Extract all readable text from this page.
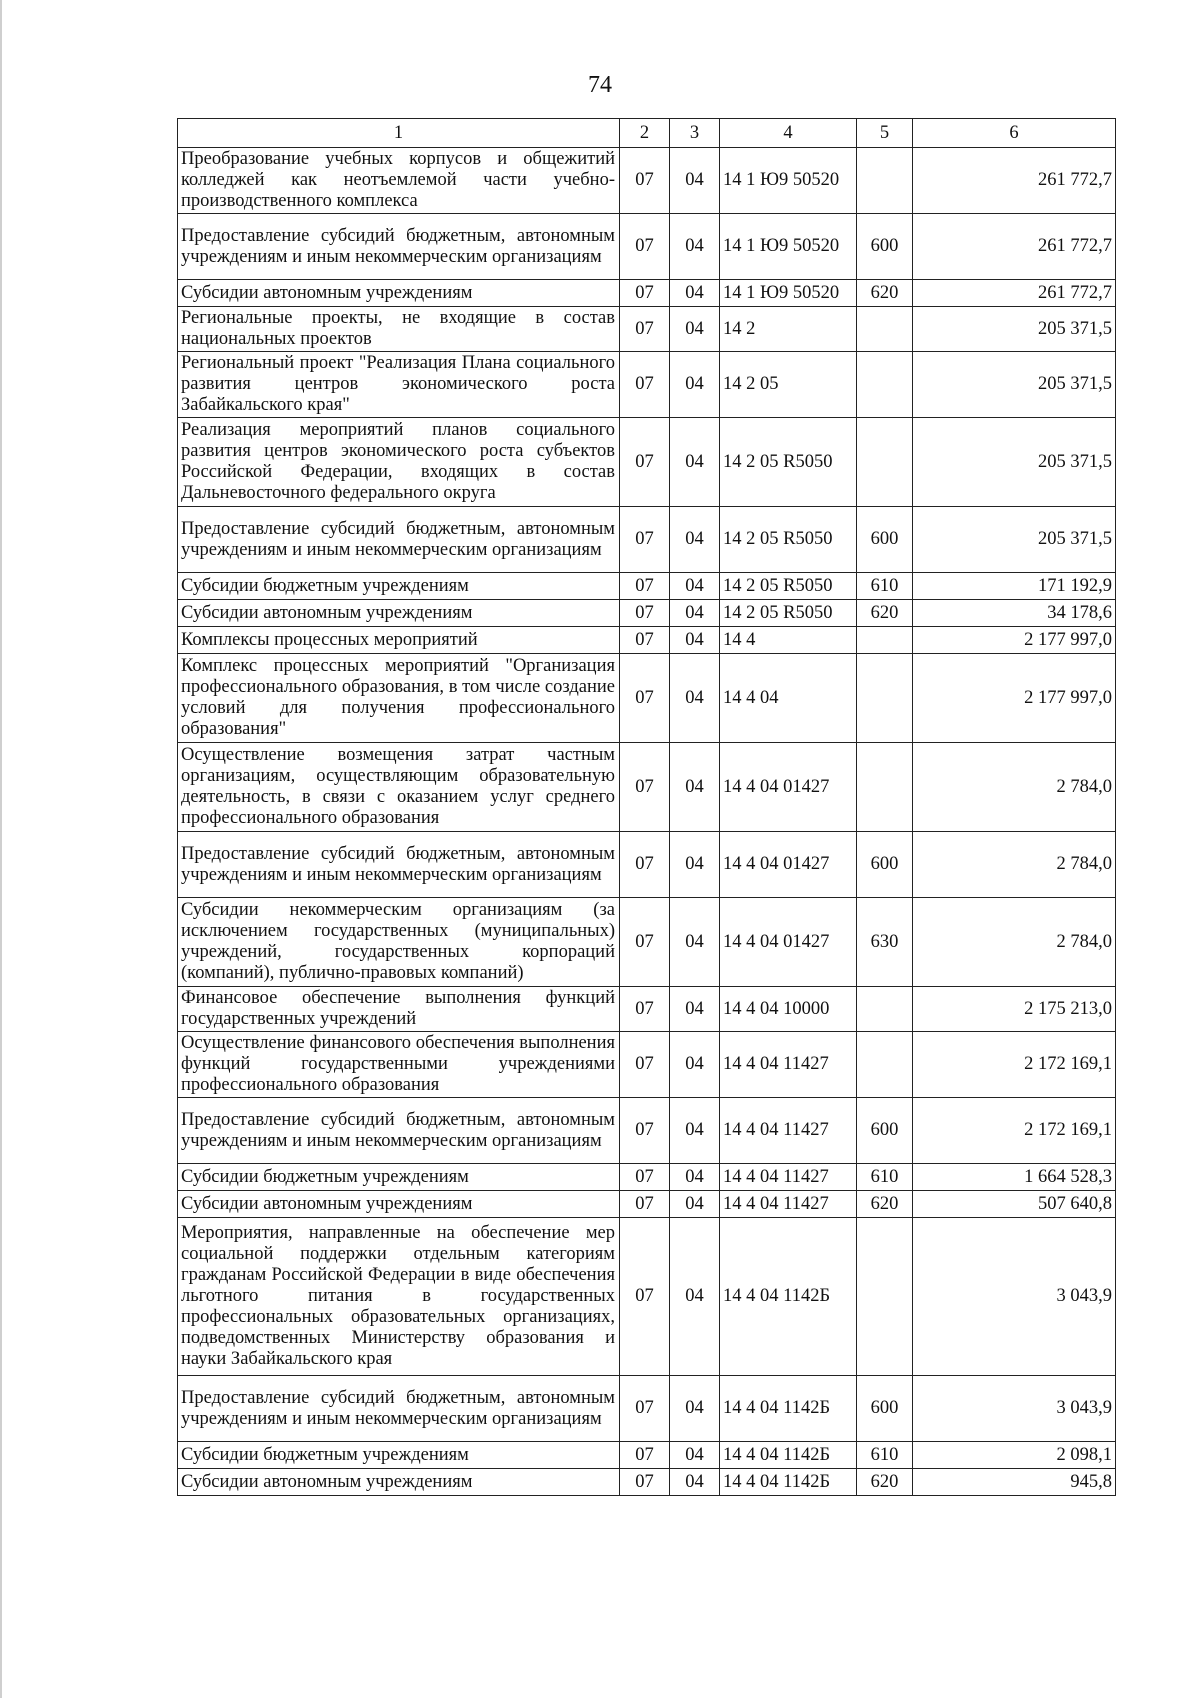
74
1	2	3	4	5	6
Преобразование учебных корпусов и общежитий колледжей как неотъемлемой части учебно-производственного комплекса	07	04	14 1 Ю9 50520		261 772,7
Предоставление субсидий бюджетным, автономным учреждениям и иным некоммерческим организациям	07	04	14 1 Ю9 50520	600	261 772,7
Субсидии автономным учреждениям	07	04	14 1 Ю9 50520	620	261 772,7
Региональные проекты, не входящие в состав национальных проектов	07	04	14 2		205 371,5
Региональный проект "Реализация Плана социального развития центров экономического роста Забайкальского края"	07	04	14 2 05		205 371,5
Реализация мероприятий планов социального развития центров экономического роста субъектов Российской Федерации, входящих в состав Дальневосточного федерального округа	07	04	14 2 05 R5050		205 371,5
Предоставление субсидий бюджетным, автономным учреждениям и иным некоммерческим организациям	07	04	14 2 05 R5050	600	205 371,5
Субсидии бюджетным учреждениям	07	04	14 2 05 R5050	610	171 192,9
Субсидии автономным учреждениям	07	04	14 2 05 R5050	620	34 178,6
Комплексы процессных мероприятий	07	04	14 4		2 177 997,0
Комплекс процессных мероприятий "Организация профессионального образования, в том числе создание условий для получения профессионального образования"	07	04	14 4 04		2 177 997,0
Осуществление возмещения затрат частным организациям, осуществляющим образовательную деятельность, в связи с оказанием услуг среднего профессионального образования	07	04	14 4 04 01427		2 784,0
Предоставление субсидий бюджетным, автономным учреждениям и иным некоммерческим организациям	07	04	14 4 04 01427	600	2 784,0
Субсидии некоммерческим организациям (за исключением государственных (муниципальных) учреждений, государственных корпораций (компаний), публично-правовых компаний)	07	04	14 4 04 01427	630	2 784,0
Финансовое обеспечение выполнения функций государственных учреждений	07	04	14 4 04 10000		2 175 213,0
Осуществление финансового обеспечения выполнения функций государственными учреждениями профессионального образования	07	04	14 4 04 11427		2 172 169,1
Предоставление субсидий бюджетным, автономным учреждениям и иным некоммерческим организациям	07	04	14 4 04 11427	600	2 172 169,1
Субсидии бюджетным учреждениям	07	04	14 4 04 11427	610	1 664 528,3
Субсидии автономным учреждениям	07	04	14 4 04 11427	620	507 640,8
Мероприятия, направленные на обеспечение мер социальной поддержки отдельным категориям гражданам Российской Федерации в виде обеспечения льготного питания в государственных профессиональных образовательных организациях, подведомственных Министерству образования и науки Забайкальского края	07	04	14 4 04 1142Б		3 043,9
Предоставление субсидий бюджетным, автономным учреждениям и иным некоммерческим организациям	07	04	14 4 04 1142Б	600	3 043,9
Субсидии бюджетным учреждениям	07	04	14 4 04 1142Б	610	2 098,1
Субсидии автономным учреждениям	07	04	14 4 04 1142Б	620	945,8
